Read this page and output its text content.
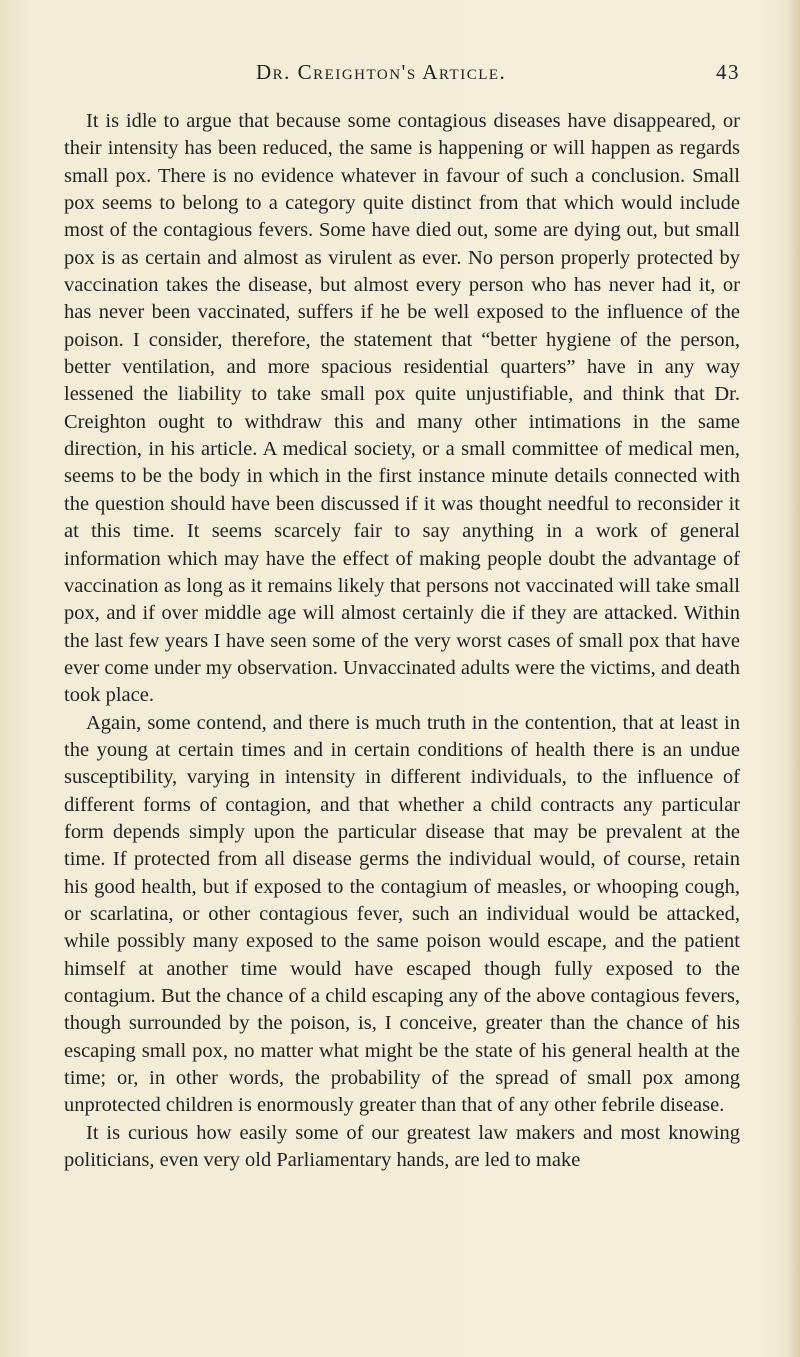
Dr. Creighton's Article.	43

It is idle to argue that because some contagious diseases have disappeared, or their intensity has been reduced, the same is happening or will happen as regards small pox. There is no evidence whatever in favour of such a conclusion. Small pox seems to belong to a category quite distinct from that which would include most of the contagious fevers. Some have died out, some are dying out, but small pox is as certain and almost as virulent as ever. No person properly protected by vaccination takes the disease, but almost every person who has never had it, or has never been vaccinated, suffers if he be well exposed to the influence of the poison. I consider, therefore, the statement that “better hygiene of the person, better ventilation, and more spacious residential quarters” have in any way lessened the liability to take small pox quite unjustifiable, and think that Dr. Creighton ought to withdraw this and many other intimations in the same direction, in his article. A medical society, or a small committee of medical men, seems to be the body in which in the first instance minute details connected with the question should have been discussed if it was thought needful to reconsider it at this time. It seems scarcely fair to say anything in a work of general information which may have the effect of making people doubt the advantage of vaccination as long as it remains likely that persons not vaccinated will take small pox, and if over middle age will almost certainly die if they are attacked. Within the last few years I have seen some of the very worst cases of small pox that have ever come under my observation. Unvaccinated adults were the victims, and death took place.

Again, some contend, and there is much truth in the contention, that at least in the young at certain times and in certain conditions of health there is an undue susceptibility, varying in intensity in different individuals, to the influence of different forms of contagion, and that whether a child contracts any particular form depends simply upon the particular disease that may be prevalent at the time. If protected from all disease germs the individual would, of course, retain his good health, but if exposed to the contagium of measles, or whooping cough, or scarlatina, or other contagious fever, such an individual would be attacked, while possibly many exposed to the same poison would escape, and the patient himself at another time would have escaped though fully exposed to the contagium. But the chance of a child escaping any of the above contagious fevers, though surrounded by the poison, is, I conceive, greater than the chance of his escaping small pox, no matter what might be the state of his general health at the time; or, in other words, the probability of the spread of small pox among unprotected children is enormously greater than that of any other febrile disease.

It is curious how easily some of our greatest law makers and most knowing politicians, even very old Parliamentary hands, are led to make
